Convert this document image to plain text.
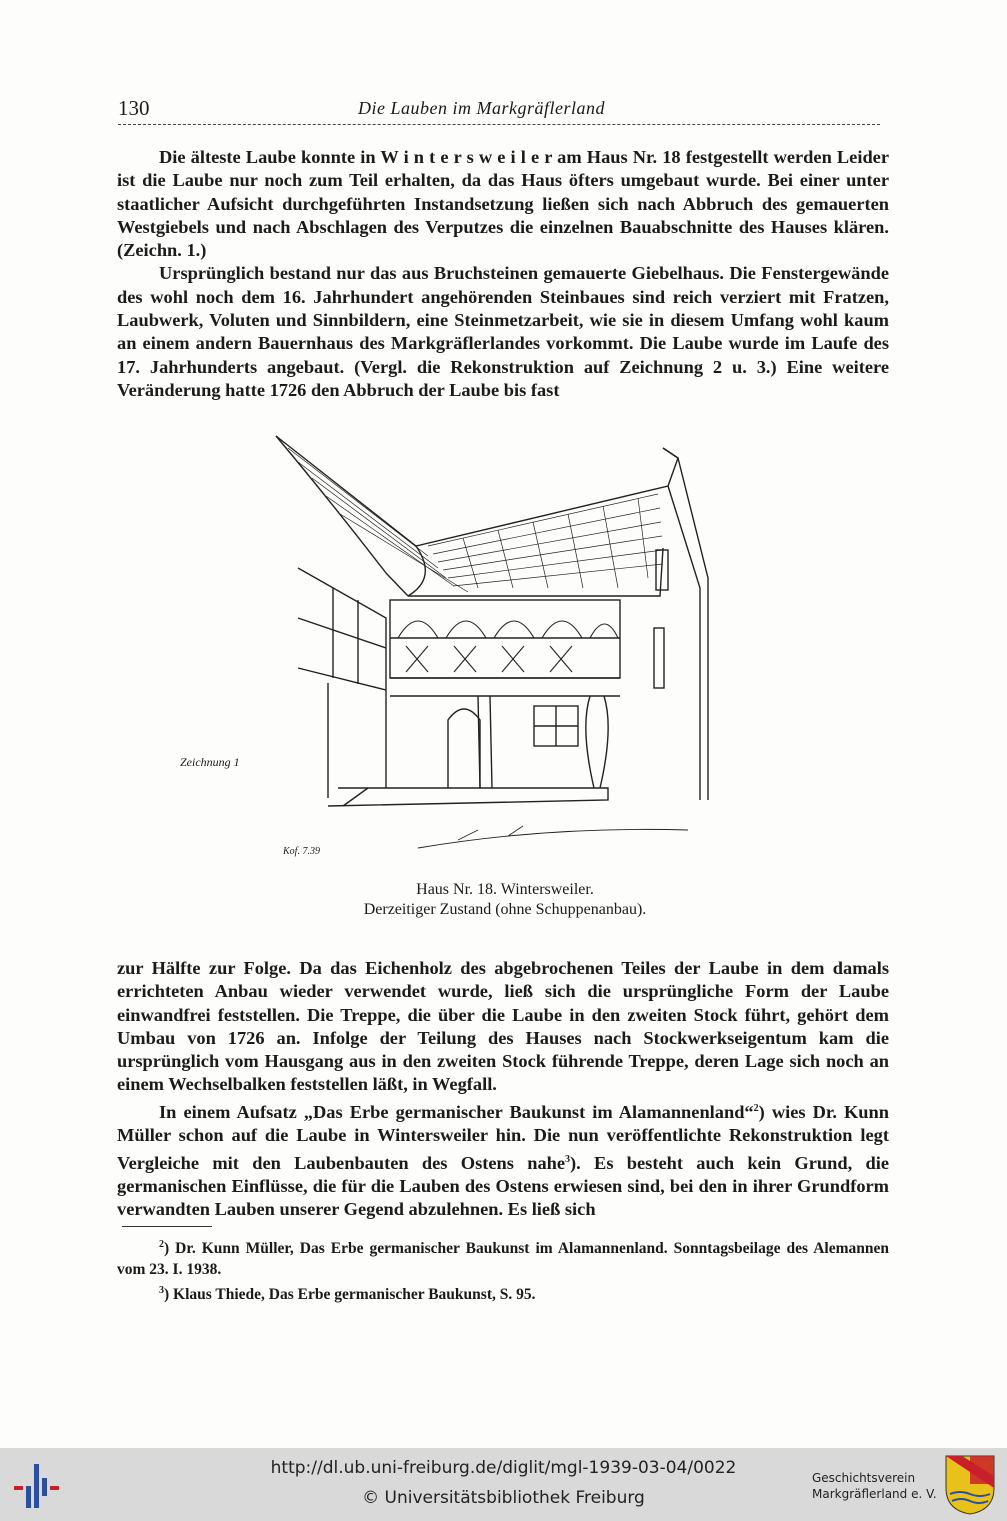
130	Die Lauben im Markgräflerland

Die älteste Laube konnte in W i n t e r s w e i l e r am Haus Nr. 18 festgestellt werden Leider ist die Laube nur noch zum Teil erhalten, da das Haus öfters umgebaut wurde. Bei einer unter staatlicher Aufsicht durchgeführten Instandsetzung ließen sich nach Abbruch des gemauerten Westgiebels und nach Abschlagen des Verputzes die einzelnen Bauabschnitte des Hauses klären. (Zeichn. 1.)

Ursprünglich bestand nur das aus Bruchsteinen gemauerte Giebelhaus. Die Fenstergewände des wohl noch dem 16. Jahrhundert angehörenden Steinbaues sind reich verziert mit Fratzen, Laubwerk, Voluten und Sinnbildern, eine Steinmetzarbeit, wie sie in diesem Umfang wohl kaum an einem andern Bauernhaus des Markgräflerlandes vorkommt. Die Laube wurde im Laufe des 17. Jahrhunderts angebaut. (Vergl. die Rekonstruktion auf Zeichnung 2 u. 3.) Eine weitere Veränderung hatte 1726 den Abbruch der Laube bis fast

Zeichnung 1
Kof. 7.39
Haus Nr. 18. Wintersweiler.
Derzeitiger Zustand (ohne Schuppenanbau).

zur Hälfte zur Folge. Da das Eichenholz des abgebrochenen Teiles der Laube in dem damals errichteten Anbau wieder verwendet wurde, ließ sich die ursprüngliche Form der Laube einwandfrei feststellen. Die Treppe, die über die Laube in den zweiten Stock führt, gehört dem Umbau von 1726 an. Infolge der Teilung des Hauses nach Stockwerkseigentum kam die ursprünglich vom Hausgang aus in den zweiten Stock führende Treppe, deren Lage sich noch an einem Wechselbalken feststellen läßt, in Wegfall.

In einem Aufsatz „Das Erbe germanischer Baukunst im Alamannenland“$^2$) wies Dr. Kunn Müller schon auf die Laube in Wintersweiler hin. Die nun veröffentlichte Rekonstruktion legt Vergleiche mit den Laubenbauten des Ostens nahe$^3$). Es besteht auch kein Grund, die germanischen Einflüsse, die für die Lauben des Ostens erwiesen sind, bei den in ihrer Grundform verwandten Lauben unserer Gegend abzulehnen. Es ließ sich

$^2$) Dr. Kunn Müller, Das Erbe germanischer Baukunst im Alamannenland. Sonntagsbeilage des Alemannen vom 23. I. 1938.

$^3$) Klaus Thiede, Das Erbe germanischer Baukunst, S. 95.

http://dl.ub.uni-freiburg.de/diglit/mgl-1939-03-04/0022
© Universitätsbibliothek Freiburg
Geschichtsverein
Markgräflerland e. V.
